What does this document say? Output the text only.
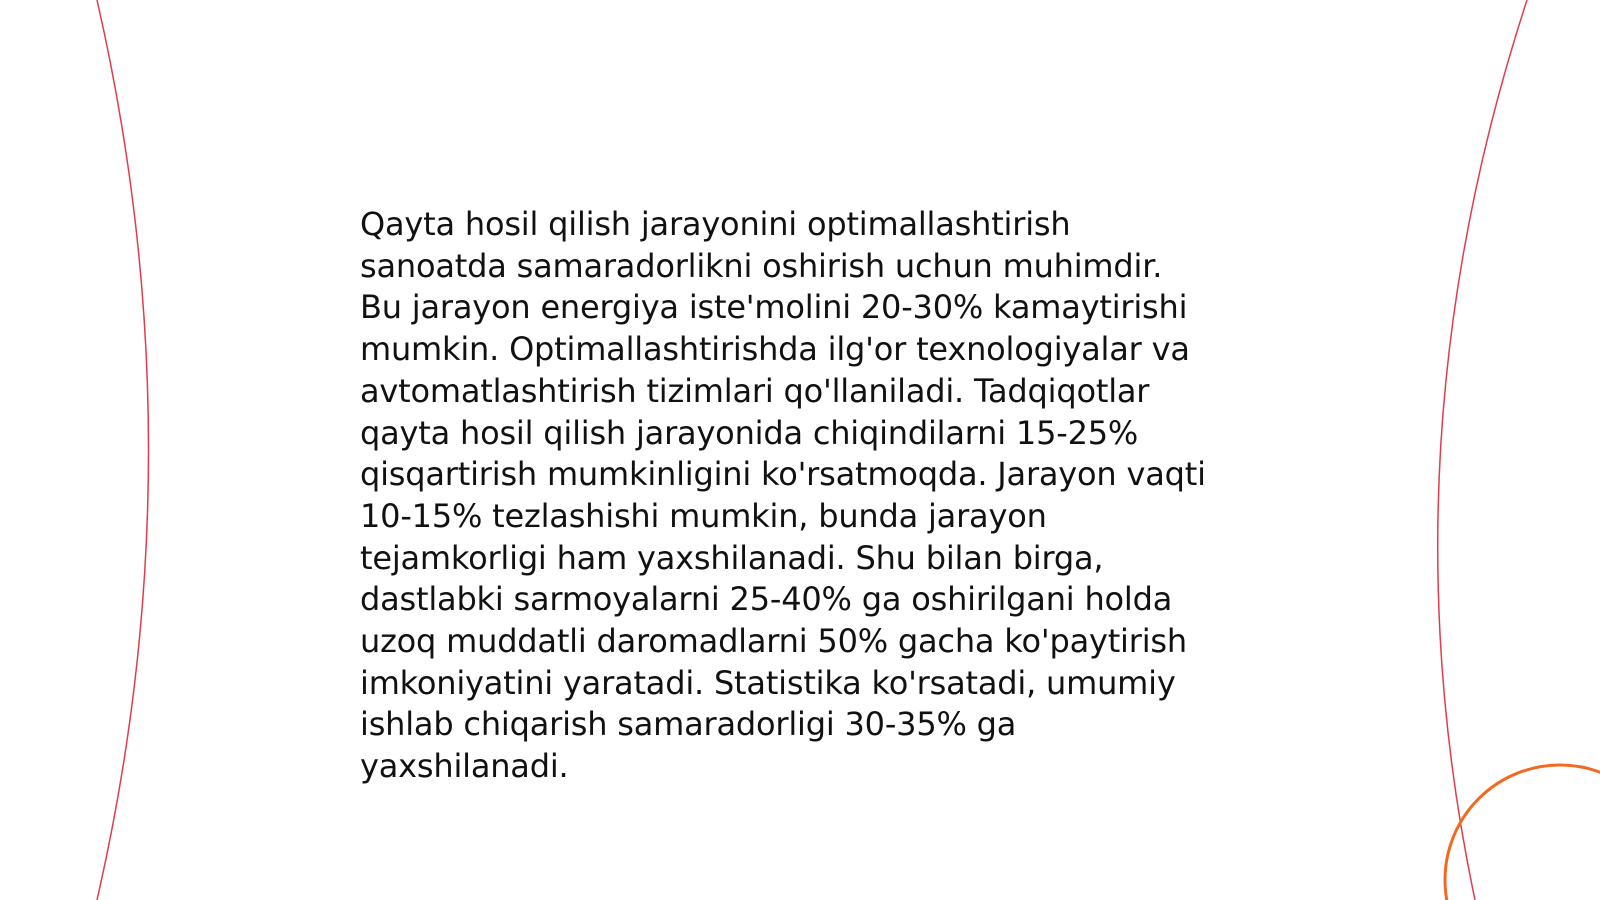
Qayta hosil qilish jarayonini optimallashtirish
sanoatda samaradorlikni oshirish uchun muhimdir.
Bu jarayon energiya iste'molini 20-30% kamaytirishi
mumkin. Optimallashtirishda ilg'or texnologiyalar va
avtomatlashtirish tizimlari qo'llaniladi. Tadqiqotlar
qayta hosil qilish jarayonida chiqindilarni 15-25%
qisqartirish mumkinligini ko'rsatmoqda. Jarayon vaqti
10-15% tezlashishi mumkin, bunda jarayon
tejamkorligi ham yaxshilanadi. Shu bilan birga,
dastlabki sarmoyalarni 25-40% ga oshirilgani holda
uzoq muddatli daromadlarni 50% gacha ko'paytirish
imkoniyatini yaratadi. Statistika ko'rsatadi, umumiy
ishlab chiqarish samaradorligi 30-35% ga
yaxshilanadi.
